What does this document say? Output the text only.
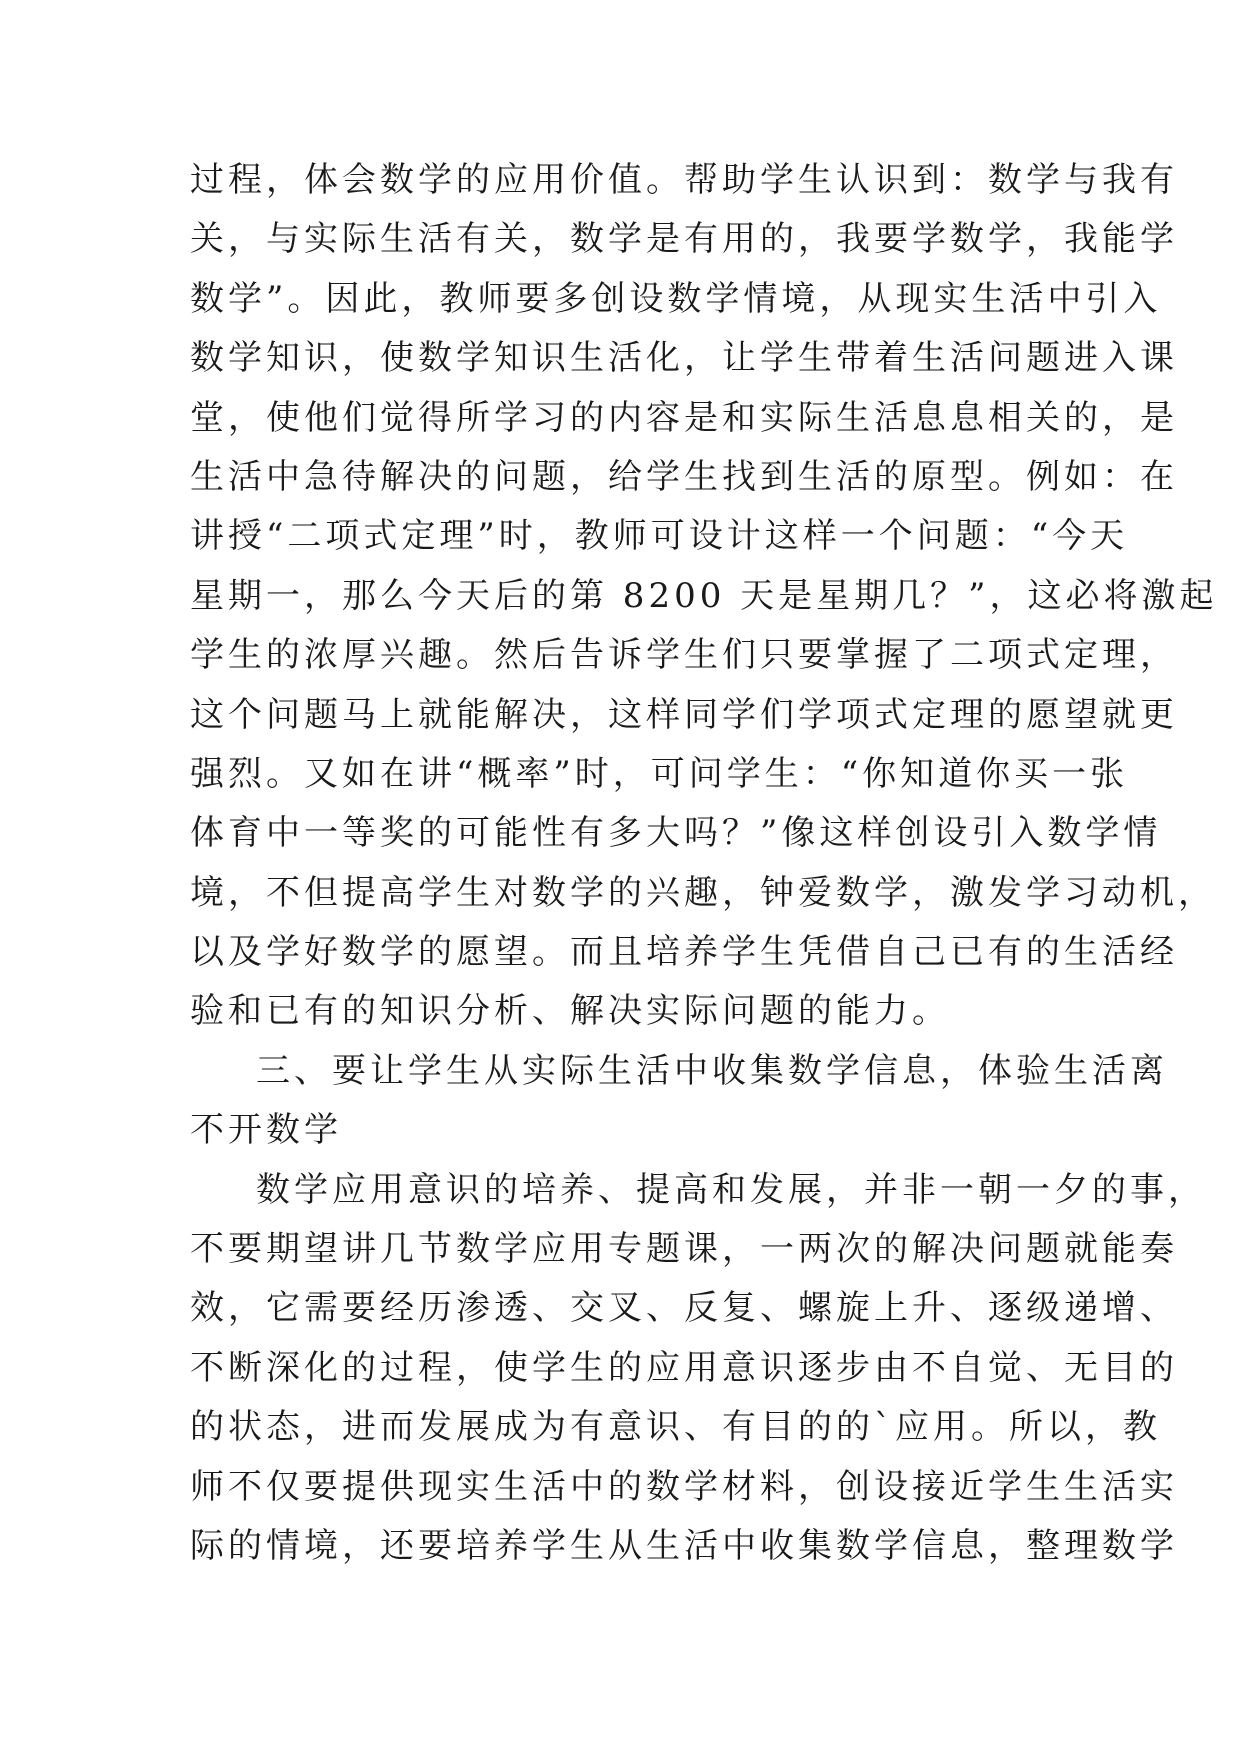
过程，体会数学的应用价值。帮助学生认识到：数学与我有
关，与实际生活有关，数学是有用的，我要学数学，我能学
数学”。因此，教师要多创设数学情境，从现实生活中引入
数学知识，使数学知识生活化，让学生带着生活问题进入课
堂，使他们觉得所学习的内容是和实际生活息息相关的，是
生活中急待解决的问题，给学生找到生活的原型。例如：在
讲授“二项式定理”时，教师可设计这样一个问题：“今天
星期一，那么今天后的第 8200 天是星期几？”，这必将激起
学生的浓厚兴趣。然后告诉学生们只要掌握了二项式定理，
这个问题马上就能解决，这样同学们学项式定理的愿望就更
强烈。又如在讲“概率”时，可问学生：“你知道你买一张
体育中一等奖的可能性有多大吗？”像这样创设引入数学情
境，不但提高学生对数学的兴趣，钟爱数学，激发学习动机，
以及学好数学的愿望。而且培养学生凭借自己已有的生活经
验和已有的知识分析、解决实际问题的能力。
三、要让学生从实际生活中收集数学信息，体验生活离
不开数学
数学应用意识的培养、提高和发展，并非一朝一夕的事，
不要期望讲几节数学应用专题课，一两次的解决问题就能奏
效，它需要经历渗透、交叉、反复、螺旋上升、逐级递增、
不断深化的过程，使学生的应用意识逐步由不自觉、无目的
的状态，进而发展成为有意识、有目的的`应用。所以，教
师不仅要提供现实生活中的数学材料，创设接近学生生活实
际的情境，还要培养学生从生活中收集数学信息，整理数学
